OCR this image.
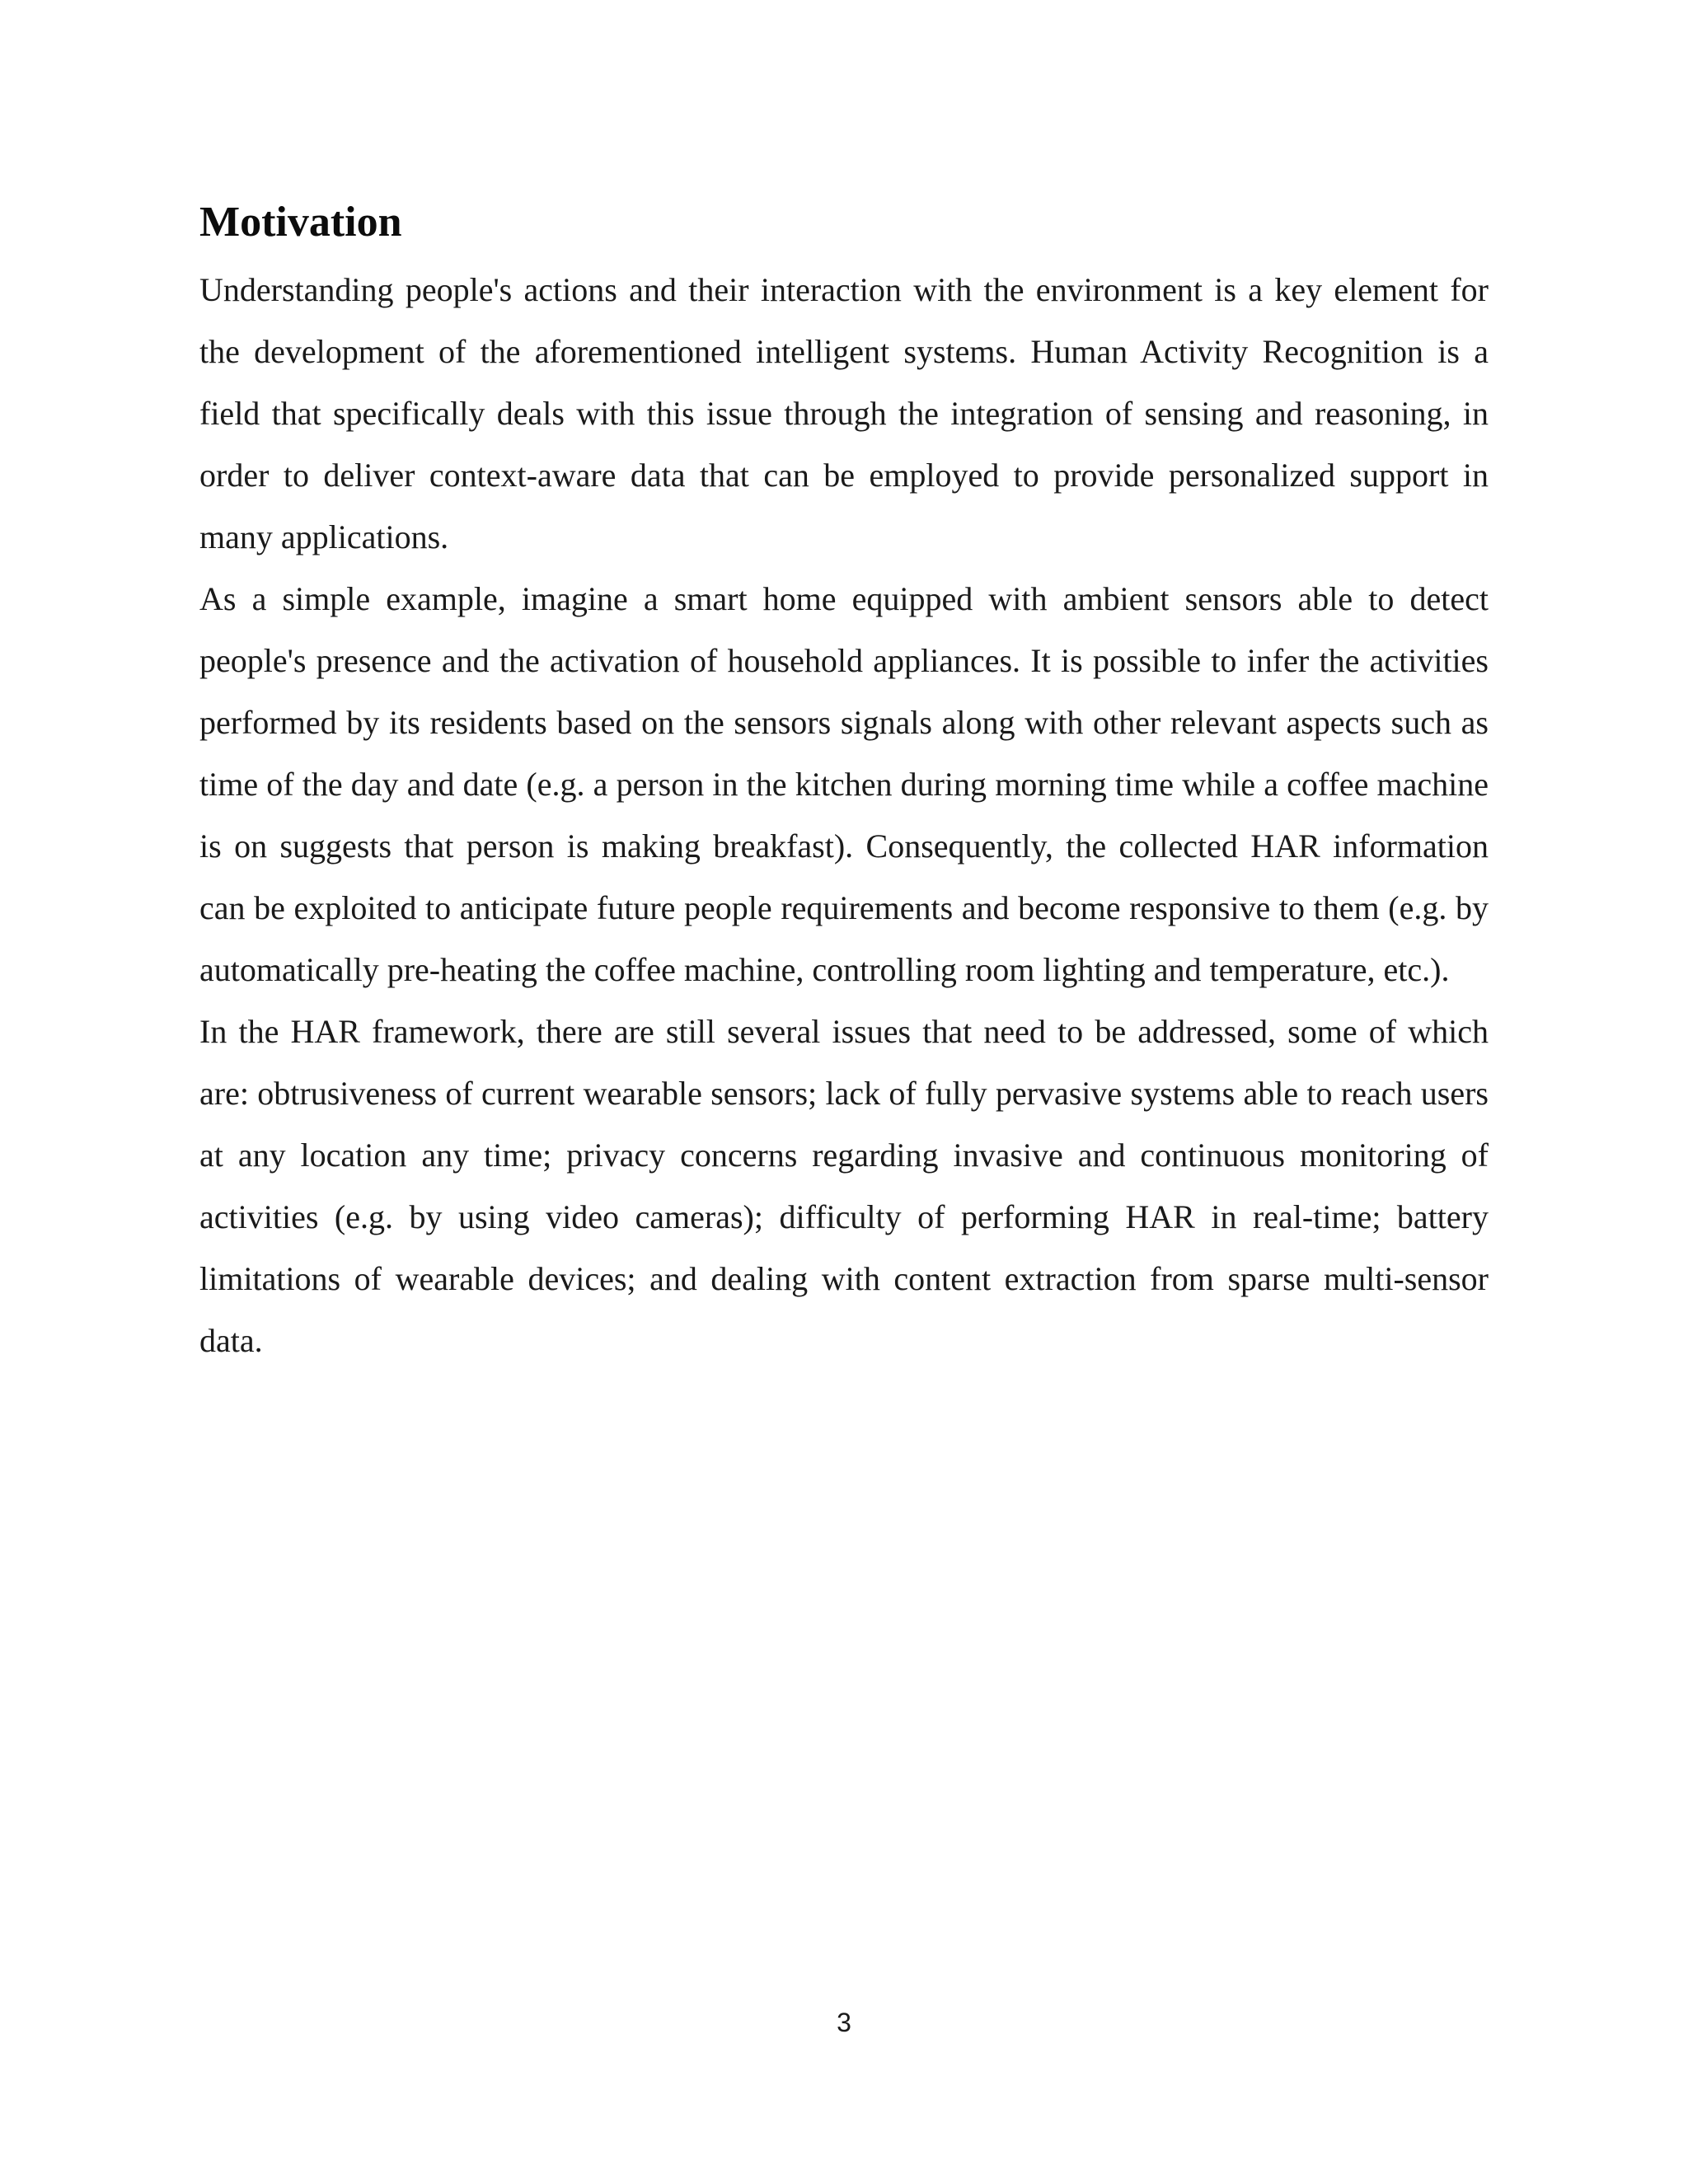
Motivation

Understanding people's actions and their interaction with the environment is a key element for the development of the aforementioned intelligent systems. Human Activity Recognition is a field that specifically deals with this issue through the integration of sensing and reasoning, in order to deliver context-aware data that can be employed to provide personalized support in many applications.

As a simple example, imagine a smart home equipped with ambient sensors able to detect people's presence and the activation of household appliances. It is possible to infer the activities performed by its residents based on the sensors signals along with other relevant aspects such as time of the day and date (e.g. a person in the kitchen during morning time while a coffee machine is on suggests that person is making breakfast). Consequently, the collected HAR information can be exploited to anticipate future people requirements and become responsive to them (e.g. by automatically pre-heating the coffee machine, controlling room lighting and temperature, etc.).

In the HAR framework, there are still several issues that need to be addressed, some of which are: obtrusiveness of current wearable sensors; lack of fully pervasive systems able to reach users at any location any time; privacy concerns regarding invasive and continuous monitoring of activities (e.g. by using video cameras); difficulty of performing HAR in real-time; battery limitations of wearable devices; and dealing with content extraction from sparse multi-sensor data.

3
